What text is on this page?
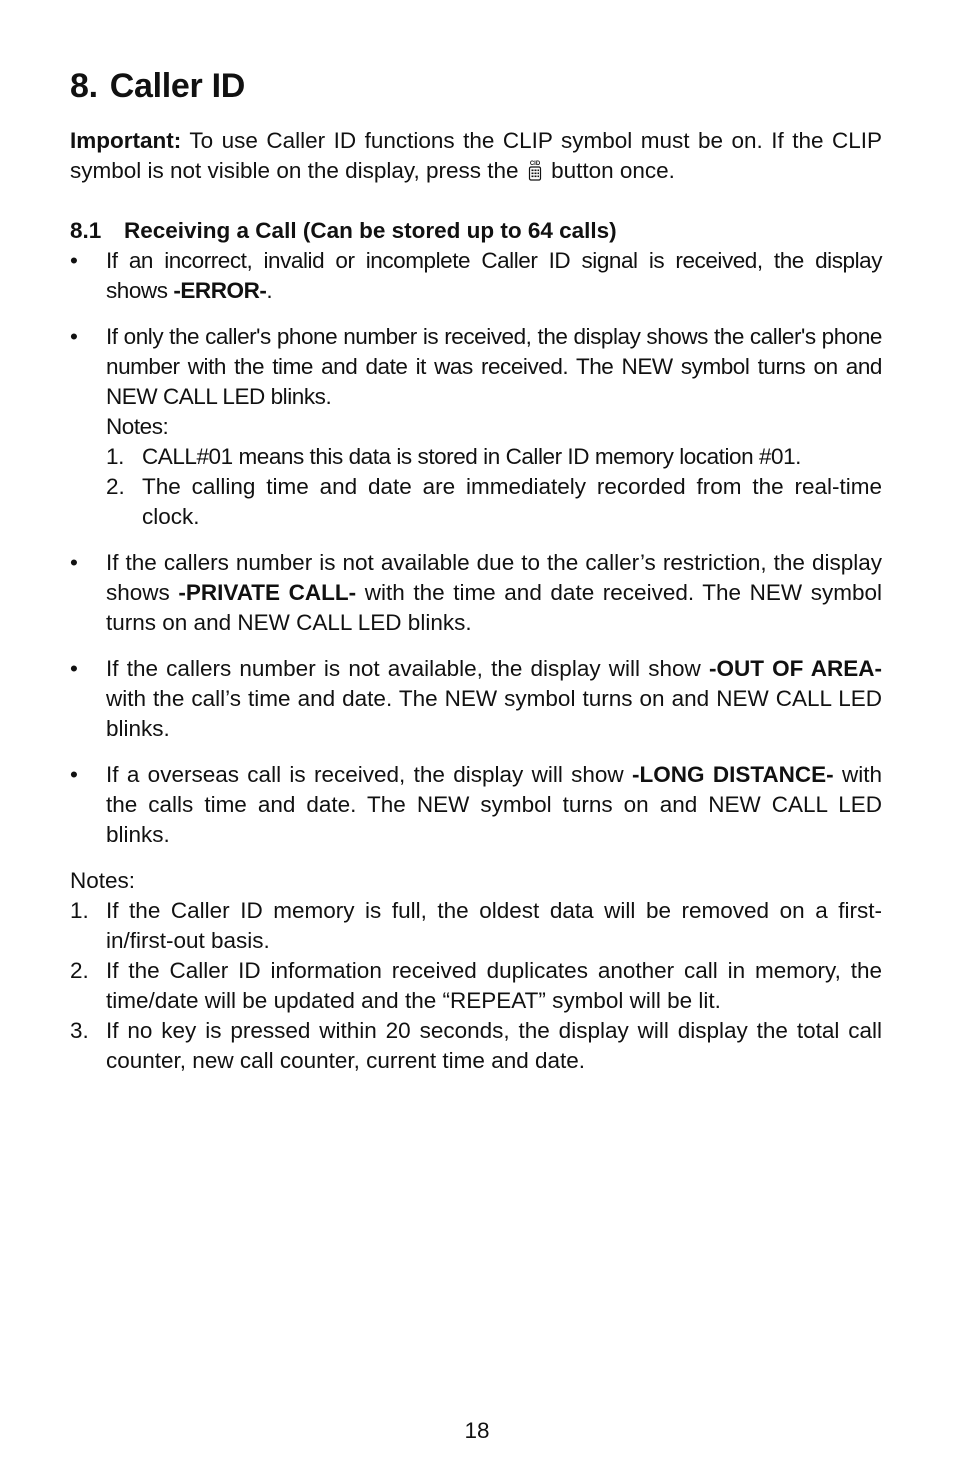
8. Caller ID
Important: To use Caller ID functions the CLIP symbol must be on. If the CLIP symbol is not visible on the display, press the CID button once.
8.1 Receiving a Call (Can be stored up to 64 calls)
• If an incorrect, invalid or incomplete Caller ID signal is received, the display shows -ERROR-.
• If only the caller's phone number is received, the display shows the caller's phone number with the time and date it was received. The NEW symbol turns on and NEW CALL LED blinks.
Notes:
1. CALL#01 means this data is stored in Caller ID memory location #01.
2. The calling time and date are immediately recorded from the real-time clock.
• If the callers number is not available due to the caller’s restriction, the display shows -PRIVATE CALL- with the time and date received. The NEW symbol turns on and NEW CALL LED blinks.
• If the callers number is not available, the display will show -OUT OF AREA- with the call’s time and date. The NEW symbol turns on and NEW CALL LED blinks.
• If a overseas call is received, the display will show -LONG DISTANCE- with the calls time and date. The NEW symbol turns on and NEW CALL LED blinks.
Notes:
1. If the Caller ID memory is full, the oldest data will be removed on a first-in/first-out basis.
2. If the Caller ID information received duplicates another call in memory, the time/date will be updated and the “REPEAT” symbol will be lit.
3. If no key is pressed within 20 seconds, the display will display the total call counter, new call counter, current time and date.
18
